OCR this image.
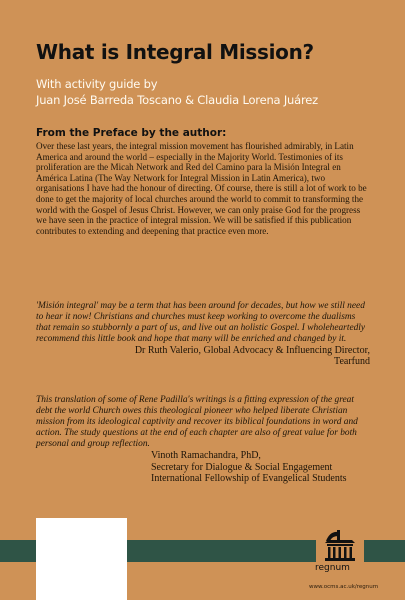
What is Integral Mission?
With activity guide by
Juan José Barreda Toscano & Claudia Lorena Juárez
From the Preface by the author:
Over these last years, the integral mission movement has flourished admirably, in Latin America and around the world – especially in the Majority World. Testimonies of its proliferation are the Micah Network and Red del Camino para la Misión Integral en América Latina (The Way Network for Integral Mission in Latin America), two organisations I have had the honour of directing. Of course, there is still a lot of work to be done to get the majority of local churches around the world to commit to transforming the world with the Gospel of Jesus Christ. However, we can only praise God for the progress we have seen in the practice of integral mission. We will be satisfied if this publication contributes to extending and deepening that practice even more.
'Misión integral' may be a term that has been around for decades, but how we still need to hear it now! Christians and churches must keep working to overcome the dualisms that remain so stubbornly a part of us, and live out an holistic Gospel. I wholeheartedly recommend this little book and hope that many will be enriched and changed by it.
Dr Ruth Valerio, Global Advocacy & Influencing Director,
Tearfund
This translation of some of Rene Padilla's writings is a fitting expression of the great debt the world Church owes this theological pioneer who helped liberate Christian mission from its ideological captivity and recover its biblical foundations in word and action. The study questions at the end of each chapter are also of great value for both personal and group reflection.
Vinoth Ramachandra, PhD,
Secretary for Dialogue & Social Engagement
International Fellowship of Evangelical Students
regnum
www.ocms.ac.uk/regnum
